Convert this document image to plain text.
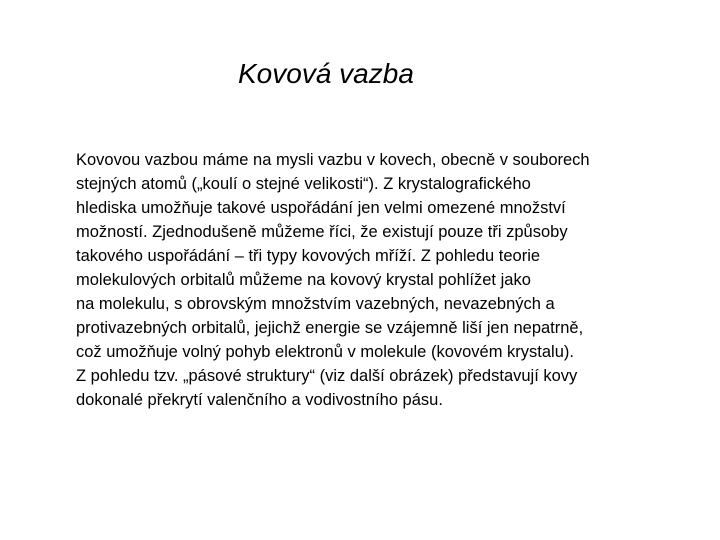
Kovová vazba
Kovovou vazbou máme na mysli vazbu v kovech, obecně v souborech
stejných atomů („koulí o stejné velikosti“). Z krystalografického
hlediska umožňuje takové uspořádání jen velmi omezené množství
možností. Zjednodušeně můžeme říci, že existují pouze tři způsoby
takového uspořádání – tři typy kovových mříží. Z pohledu teorie
molekulových orbitalů můžeme na kovový krystal pohlížet jako
na molekulu, s obrovským množstvím vazebných, nevazebných a
protivazebných orbitalů, jejichž energie se vzájemně liší jen nepatrně,
což umožňuje volný pohyb elektronů v molekule (kovovém krystalu).
Z pohledu tzv. „pásové struktury“ (viz další obrázek) představují kovy
dokonalé překrytí valenčního a vodivostního pásu.
